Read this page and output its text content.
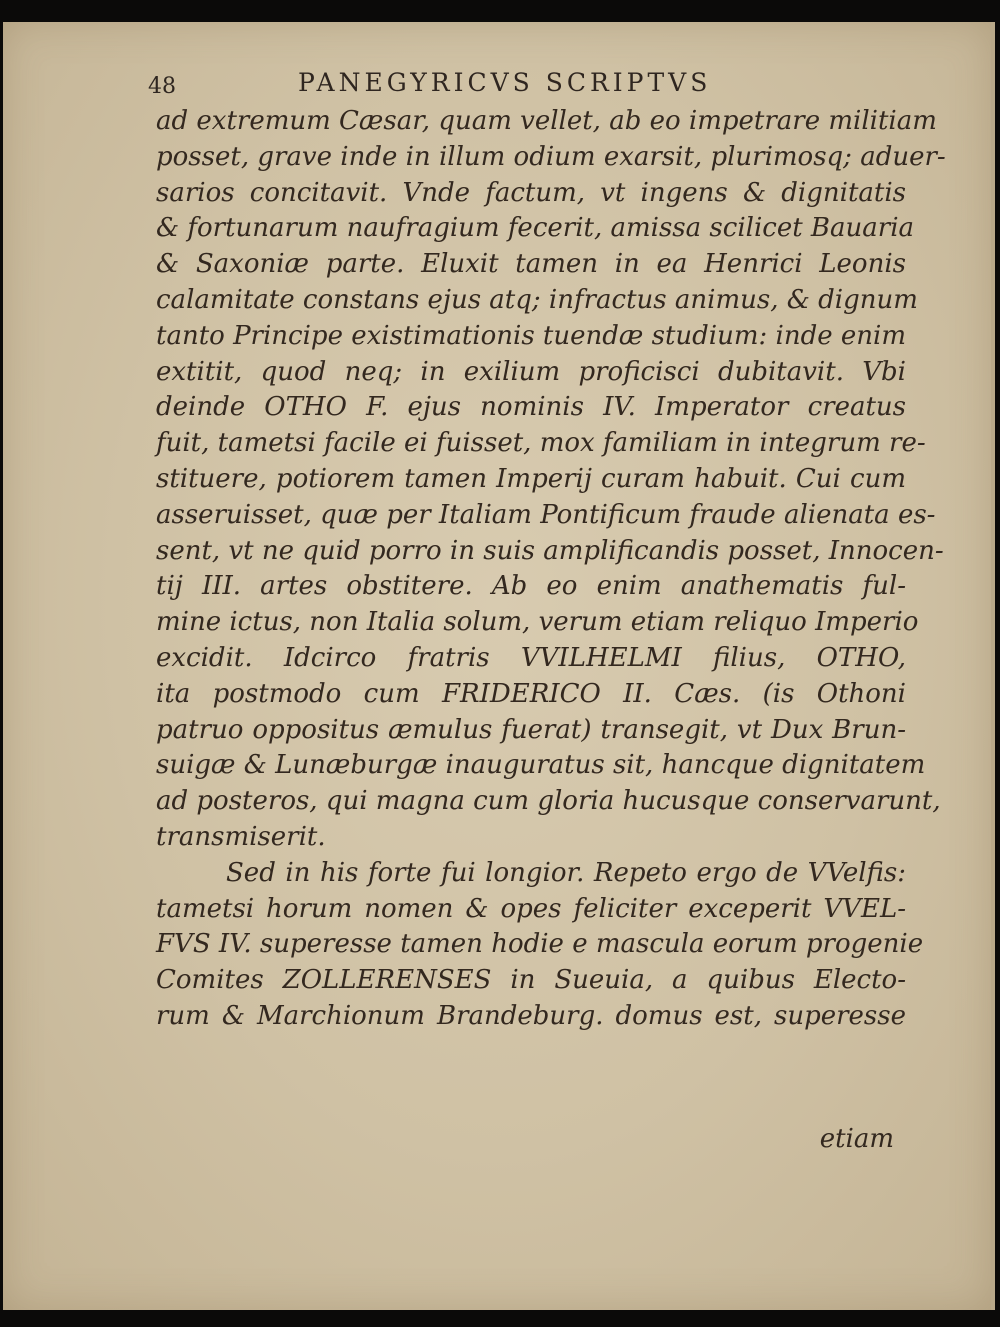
48	PANEGYRICVS SCRIPTVS
ad extremum Cæsar, quam vellet, ab eo impetrare militiam
posset, grave inde in illum odium exarsit, plurimosq; aduer-
sarios concitavit. Vnde factum, vt ingens & dignitatis
& fortunarum naufragium fecerit, amissa scilicet Bauaria
& Saxoniæ parte. Eluxit tamen in ea Henrici Leonis
calamitate constans ejus atq; infractus animus, & dignum
tanto Principe existimationis tuendæ studium: inde enim
extitit, quod neq; in exilium proficisci dubitavit. Vbi
deinde OTHO F. ejus nominis IV. Imperator creatus
fuit, tametsi facile ei fuisset, mox familiam in integrum re-
stituere, potiorem tamen Imperij curam habuit. Cui cum
asseruisset, quæ per Italiam Pontificum fraude alienata es-
sent, vt ne quid porro in suis amplificandis posset, Innocen-
tij III. artes obstitere. Ab eo enim anathematis ful-
mine ictus, non Italia solum, verum etiam reliquo Imperio
excidit. Idcirco fratris VVILHELMI filius, OTHO,
ita postmodo cum FRIDERICO II. Cæs. (is Othoni
patruo oppositus æmulus fuerat) transegit, vt Dux Brun-
suigæ & Lunæburgæ inauguratus sit, hancque dignitatem
ad posteros, qui magna cum gloria hucusque conservarunt,
transmiserit.
Sed in his forte fui longior. Repeto ergo de VVelfis:
tametsi horum nomen & opes feliciter exceperit VVEL-
FVS IV. superesse tamen hodie e mascula eorum progenie
Comites ZOLLERENSES in Sueuia, a quibus Electo-
rum & Marchionum Brandeburg. domus est, superesse
etiam
